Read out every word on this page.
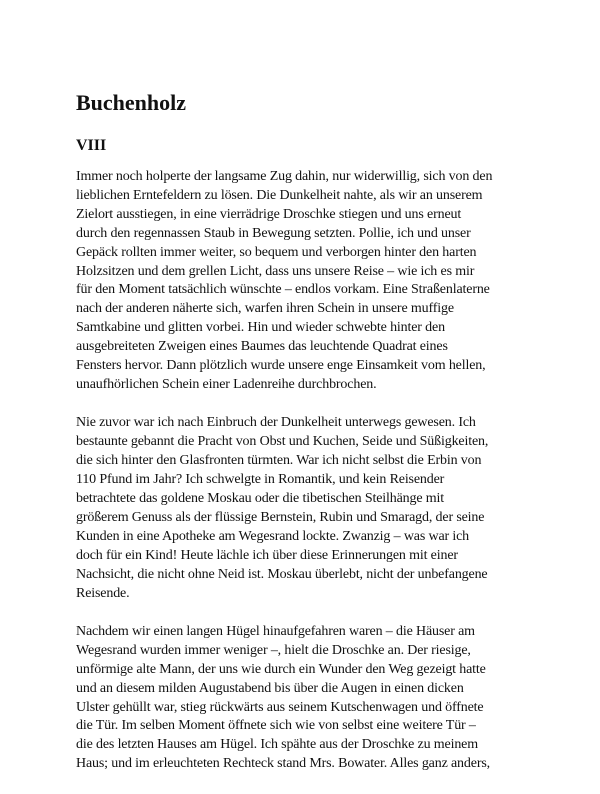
Buchenholz
VIII

Immer noch holperte der langsame Zug dahin, nur widerwillig, sich von den
lieblichen Erntefeldern zu lösen. Die Dunkelheit nahte, als wir an unserem
Zielort ausstiegen, in eine vierrädrige Droschke stiegen und uns erneut
durch den regennassen Staub in Bewegung setzten. Pollie, ich und unser
Gepäck rollten immer weiter, so bequem und verborgen hinter den harten
Holzsitzen und dem grellen Licht, dass uns unsere Reise – wie ich es mir
für den Moment tatsächlich wünschte – endlos vorkam. Eine Straßenlaterne
nach der anderen näherte sich, warfen ihren Schein in unsere muffige
Samtkabine und glitten vorbei. Hin und wieder schwebte hinter den
ausgebreiteten Zweigen eines Baumes das leuchtende Quadrat eines
Fensters hervor. Dann plötzlich wurde unsere enge Einsamkeit vom hellen,
unaufhörlichen Schein einer Ladenreihe durchbrochen.

Nie zuvor war ich nach Einbruch der Dunkelheit unterwegs gewesen. Ich
bestaunte gebannt die Pracht von Obst und Kuchen, Seide und Süßigkeiten,
die sich hinter den Glasfronten türmten. War ich nicht selbst die Erbin von
110 Pfund im Jahr? Ich schwelgte in Romantik, und kein Reisender
betrachtete das goldene Moskau oder die tibetischen Steilhänge mit
größerem Genuss als der flüssige Bernstein, Rubin und Smaragd, der seine
Kunden in eine Apotheke am Wegesrand lockte. Zwanzig – was war ich
doch für ein Kind! Heute lächle ich über diese Erinnerungen mit einer
Nachsicht, die nicht ohne Neid ist. Moskau überlebt, nicht der unbefangene
Reisende.

Nachdem wir einen langen Hügel hinaufgefahren waren – die Häuser am
Wegesrand wurden immer weniger –, hielt die Droschke an. Der riesige,
unförmige alte Mann, der uns wie durch ein Wunder den Weg gezeigt hatte
und an diesem milden Augustabend bis über die Augen in einen dicken
Ulster gehüllt war, stieg rückwärts aus seinem Kutschenwagen und öffnete
die Tür. Im selben Moment öffnete sich wie von selbst eine weitere Tür –
die des letzten Hauses am Hügel. Ich spähte aus der Droschke zu meinem
Haus; und im erleuchteten Rechteck stand Mrs. Bowater. Alles ganz anders,
